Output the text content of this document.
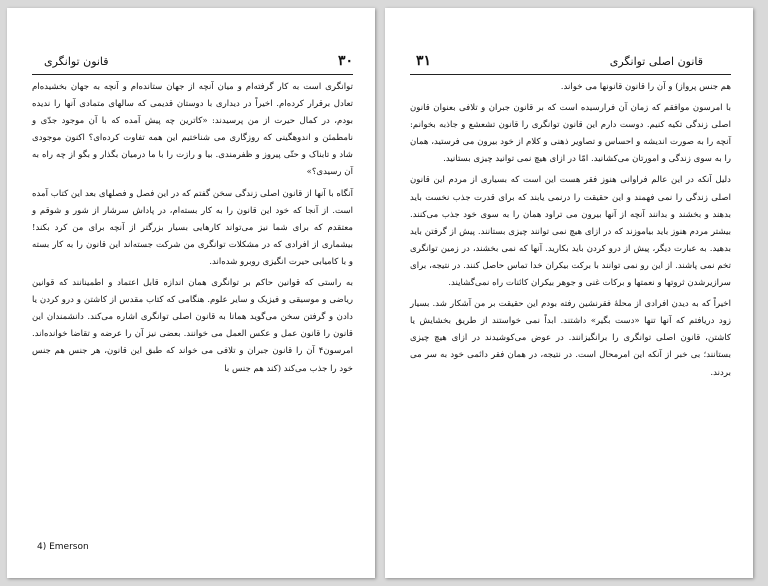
۳۰
قانون توانگری

توانگری است به کار گرفته‌ام و میان آنچه از جهان ستانده‌ام و آنچه به جهان بخشیده‌ام تعادل برقرار کرده‌ام. اخیراً در دیداری با دوستان قدیمی که سالهای متمادی آنها را ندیده بودم، در کمال حیرت از من پرسیدند: «کاترین چه پیش آمده که با آن موجود جدّی و نامطمئن و اندوهگینی که روزگاری می شناختیم این همه تفاوت کرده‌ای؟ اکنون موجودی شاد و تابناک و حتّی پیروز و ظفرمندی. بیا و رازت را با ما درمیان بگذار و بگو از چه راه به آن رسیدی؟»

آنگاه با آنها از قانون اصلی زندگی سخن گفتم که در این فصل و فصلهای بعد این کتاب آمده است. از آنجا که خود این قانون را به کار بسته‌ام، در پاداش سرشار از شور و شوقم و معتقدم که برای شما نیز می‌تواند کارهایی بسیار بزرگتر از آنچه برای من کرد بکند! بیشماری از افرادی که در مشکلات توانگری من شرکت جسته‌اند این قانون را به کار بسته و با کامیابی حیرت انگیزی روبرو شده‌اند.

به راستی که قوانین حاکم بر توانگری همان اندازه قابل اعتماد و اطمینانند که قوانین ریاضی و موسیقی و فیزیک و سایر علوم. هنگامی که کتاب مقدس از کاشتن و درو کردن یا دادن و گرفتن سخن می‌گوید همانا به قانون اصلی توانگری اشاره می‌کند. دانشمندان این قانون را قانون عمل و عکس العمل می خوانند. بعضی نیز آن را عرضه و تقاضا خوانده‌اند. امرسون۴ آن را قانون جبران و تلافی می خواند که طبق این قانون، هر جنس هم جنس خود را جذب می‌کند (کند هم جنس با

4) Emerson
۳۱	قانون اصلی توانگری

هم جنس پرواز) و آن را قانون قانونها می خواند.

با امرسون موافقم که زمان آن فرارسیده است که بر قانون جبران و تلافی بعنوان قانون اصلی زندگی تکیه کنیم. دوست دارم این قانون توانگری را قانون تشعشع و جاذبه بخوانم: آنچه را به صورت اندیشه و احساس و تصاویر ذهنی و کلام از خود بیرون می فرستید، همان را به سوی زندگی و امورتان می‌کشانید. امّا در ازای هیچ نمی توانید چیزی بستانید.

دلیل آنکه در این عالم فراوانی هنوز فقر هست این است که بسیاری از مردم این قانون اصلی زندگی را نمی فهمند و این حقیقت را درنمی یابند که برای قدرت جذب نخست باید بدهند و بخشند و بدانند آنچه از آنها بیرون می تراود همان را به سوی خود جذب می‌کنند. بیشتر مردم هنوز باید بیاموزند که در ازای هیچ نمی توانند چیزی بستانند. پیش از گرفتن باید بدهید. به عبارت دیگر، پیش از درو کردن باید بکارید. آنها که نمی بخشند، در زمین توانگری تخم نمی پاشند. از این رو نمی توانند با برکت بیکران خدا تماس حاصل کنند. در نتیجه، برای سرازیرشدن ثروتها و نعمتها و برکات غنی و جوهر بیکران کائنات راه نمی‌گشایند.

اخیراً که به دیدن افرادی از محلهٔ فقرنشین رفته بودم این حقیقت بر من آشکار شد. بسیار زود دریافتم که آنها تنها «دست بگیر» داشتند. ابداً نمی خواستند از طریق بخشایش یا کاشتن، قانون اصلی توانگری را برانگیزانند. در عوض می‌کوشیدند در ازای هیچ چیزی بستانند؛ بی خبر از آنکه این امرمحال است. در نتیجه، در همان فقر دائمی خود به سر می بردند.
